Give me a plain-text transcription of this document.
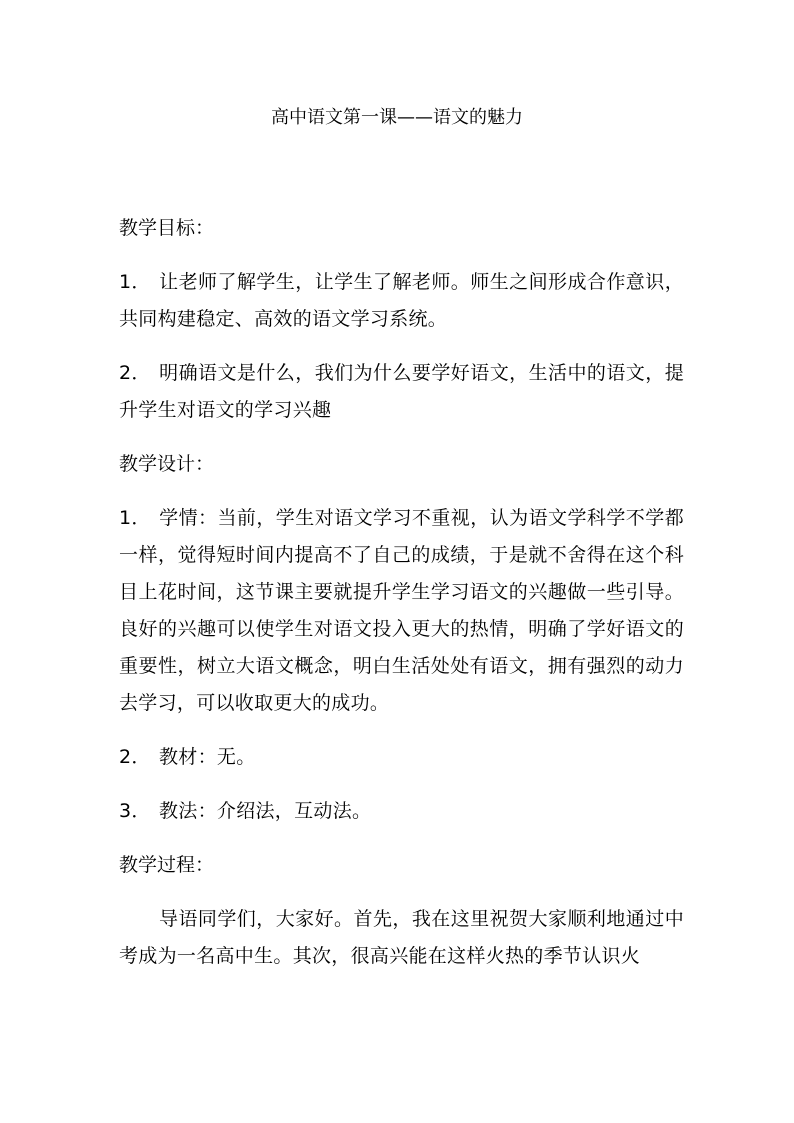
高中语文第一课——语文的魅力

教学目标：

1． 让老师了解学生，让学生了解老师。师生之间形成合作意识，共同构建稳定、高效的语文学习系统。

2． 明确语文是什么，我们为什么要学好语文，生活中的语文，提升学生对语文的学习兴趣

教学设计：

1． 学情：当前，学生对语文学习不重视，认为语文学科学不学都一样，觉得短时间内提高不了自己的成绩，于是就不舍得在这个科目上花时间，这节课主要就提升学生学习语文的兴趣做一些引导。良好的兴趣可以使学生对语文投入更大的热情，明确了学好语文的重要性，树立大语文概念，明白生活处处有语文，拥有强烈的动力去学习，可以收取更大的成功。

2． 教材：无。

3． 教法：介绍法，互动法。

教学过程：

导语同学们，大家好。首先，我在这里祝贺大家顺利地通过中考成为一名高中生。其次，很高兴能在这样火热的季节认识火
